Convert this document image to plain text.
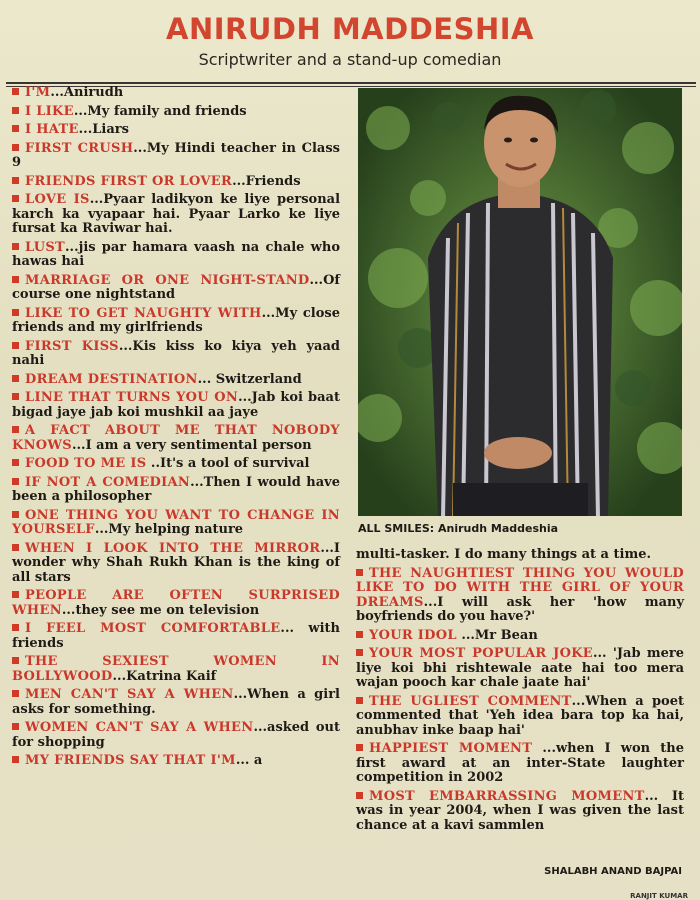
ANIRUDH MADDESHIA
Scriptwriter and a stand-up comedian

I'M...Anirudh

I LIKE...My family and friends

I HATE...Liars

FIRST CRUSH...My Hindi teacher in Class 9

FRIENDS FIRST OR LOVER...Friends

LOVE IS...Pyaar ladikyon ke liye personal karch ka vyapaar hai. Pyaar Larko ke liye fursat ka Raviwar hai.

LUST...jis par hamara vaash na chale who hawas hai

MARRIAGE OR ONE NIGHT-STAND...Of course one nightstand

LIKE TO GET NAUGHTY WITH...My close friends and my girlfriends

FIRST KISS...Kis kiss ko kiya yeh yaad nahi

DREAM DESTINATION... Switzerland

LINE THAT TURNS YOU ON...Jab koi baat bigad jaye jab koi mushkil aa jaye

A FACT ABOUT ME THAT NOBODY KNOWS...I am a very sentimental person

FOOD TO ME IS ..It's a tool of survival

IF NOT A COMEDIAN...Then I would have been a philosopher

ONE THING YOU WANT TO CHANGE IN YOURSELF...My helping nature

WHEN I LOOK INTO THE MIRROR...I wonder why Shah Rukh Khan is the king of all stars

PEOPLE ARE OFTEN SURPRISED WHEN...they see me on television

I FEEL MOST COMFORTABLE... with friends

THE SEXIEST WOMEN IN BOLLYWOOD...Katrina Kaif

MEN CAN'T SAY A WHEN...When a girl asks for something.

WOMEN CAN'T SAY A WHEN...asked out for shopping

MY FRIENDS SAY THAT I'M... a

ALL SMILES: Anirudh Maddeshia

multi-tasker. I do many things at a time.

THE NAUGHTIEST THING YOU WOULD LIKE TO DO WITH THE GIRL OF YOUR DREAMS...I will ask her 'how many boyfriends do you have?'

YOUR IDOL ...Mr Bean

YOUR MOST POPULAR JOKE... 'Jab mere liye koi bhi rishtewale aate hai too mera wajan pooch kar chale jaate hai'

THE UGLIEST COMMENT...When a poet commented that 'Yeh idea bara top ka hai, anubhav inke baap hai'

HAPPIEST MOMENT ...when I won the first award at an inter-State laughter competition in 2002

MOST EMBARRASSING MOMENT... It was in year 2004, when I was given the last chance at a kavi sammlen

SHALABH ANAND BAJPAI
RANJIT KUMAR
